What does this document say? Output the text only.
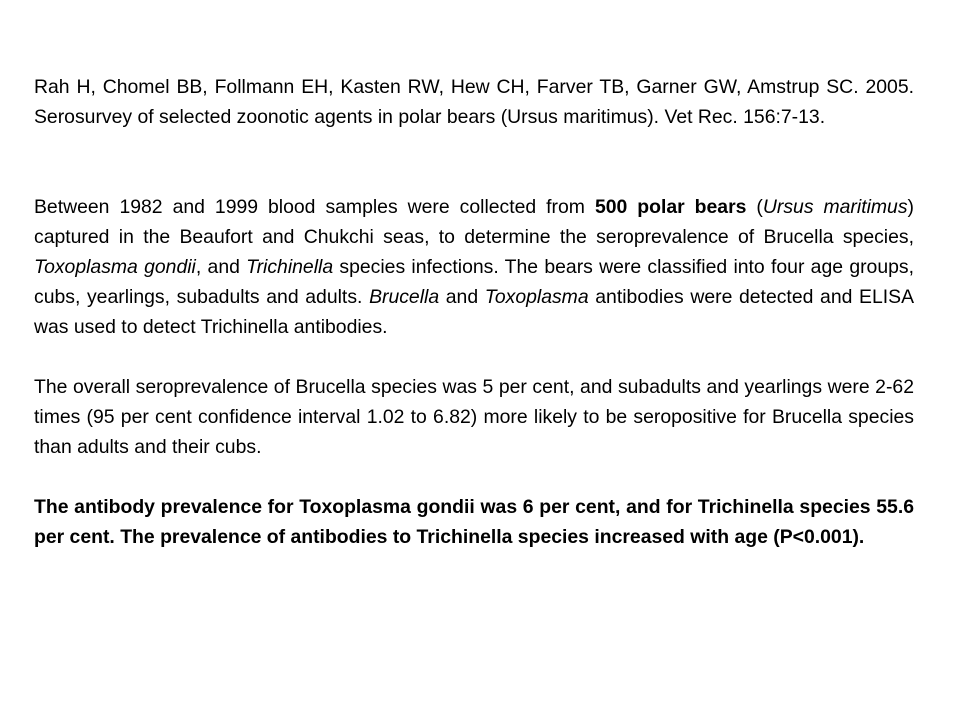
Rah H, Chomel BB, Follmann EH, Kasten RW, Hew CH, Farver TB, Garner GW, Amstrup SC. 2005. Serosurvey of selected zoonotic agents in polar bears (Ursus maritimus). Vet Rec. 156:7-13.

Between 1982 and 1999 blood samples were collected from 500 polar bears (Ursus maritimus) captured in the Beaufort and Chukchi seas, to determine the seroprevalence of Brucella species, Toxoplasma gondii, and Trichinella species infections. The bears were classified into four age groups, cubs, yearlings, subadults and adults. Brucella and Toxoplasma antibodies were detected and ELISA was used to detect Trichinella antibodies.

The overall seroprevalence of Brucella species was 5 per cent, and subadults and yearlings were 2-62 times (95 per cent confidence interval 1.02 to 6.82) more likely to be seropositive for Brucella species than adults and their cubs.

The antibody prevalence for Toxoplasma gondii was 6 per cent, and for Trichinella species 55.6 per cent. The prevalence of antibodies to Trichinella species increased with age (P<0.001).
